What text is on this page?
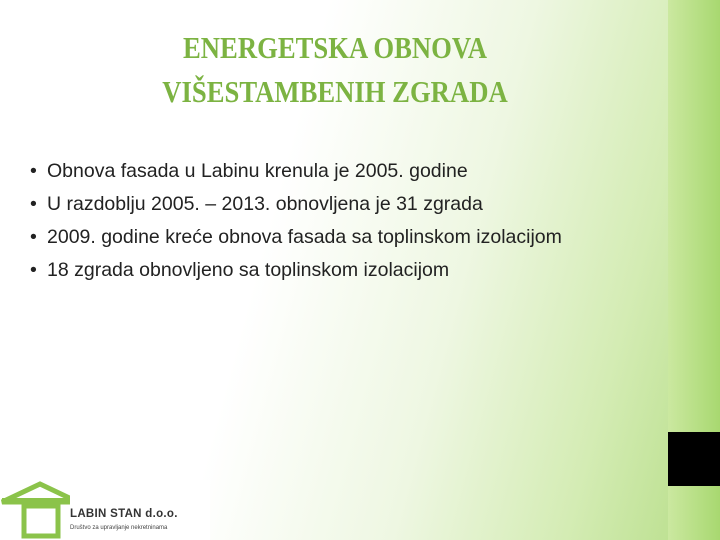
ENERGETSKA OBNOVA
VIŠESTAMBENIH ZGRADA
• Obnova fasada u Labinu krenula je 2005. godine
• U razdoblju 2005. – 2013. obnovljena je 31 zgrada
• 2009. godine kreće obnova fasada sa toplinskom izolacijom
• 18 zgrada obnovljeno sa toplinskom izolacijom
LABIN STAN d.o.o.
Društvo za upravljanje nekretninama
